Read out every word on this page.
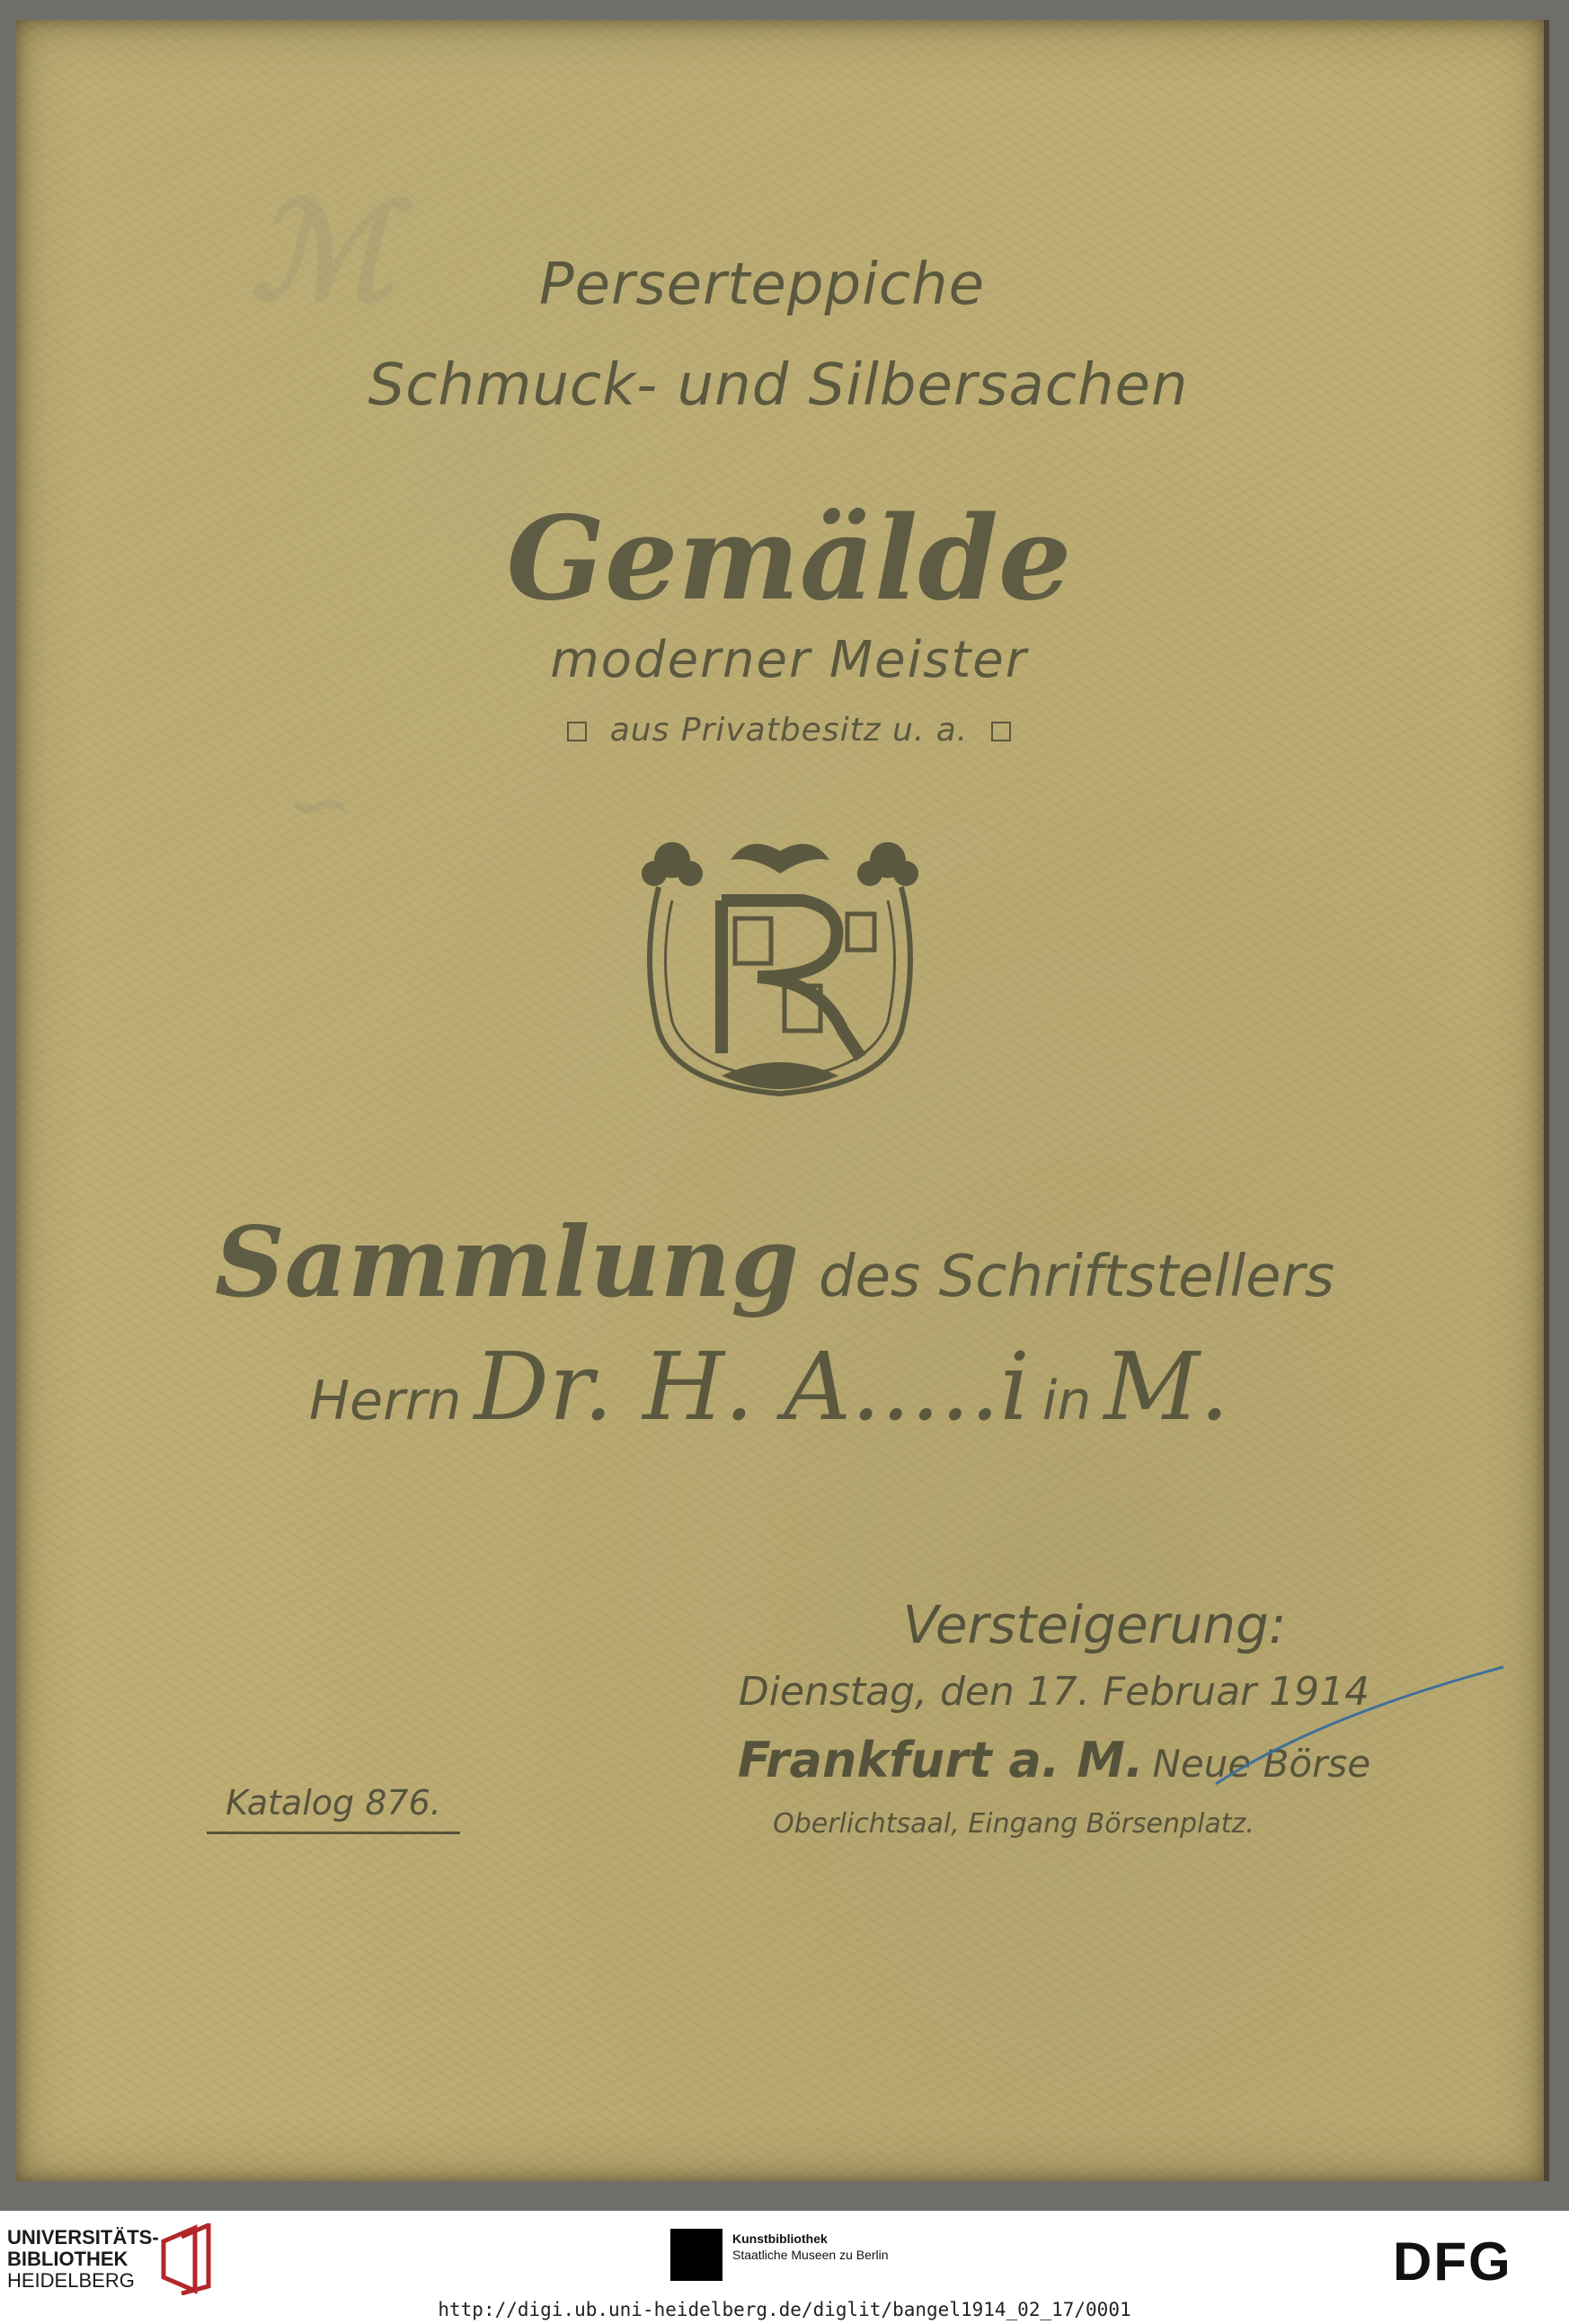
ℳ
∽
Perserteppiche
Schmuck- und Silbersachen
Gemälde
moderner Meister
aus Privatbesitz u. a.
Sammlung des Schriftstellers
Herrn Dr. H. A.....i in M.
Versteigerung:
Dienstag, den 17. Februar 1914
Frankfurt a. M. Neue Börse
Oberlichtsaal, Eingang Börsenplatz.
Katalog 876.
UNIVERSITÄTS-
BIBLIOTHEK
HEIDELBERG
Kunstbibliothek
Staatliche Museen zu Berlin	DFG
http://digi.ub.uni-heidelberg.de/diglit/bangel1914_02_17/0001
